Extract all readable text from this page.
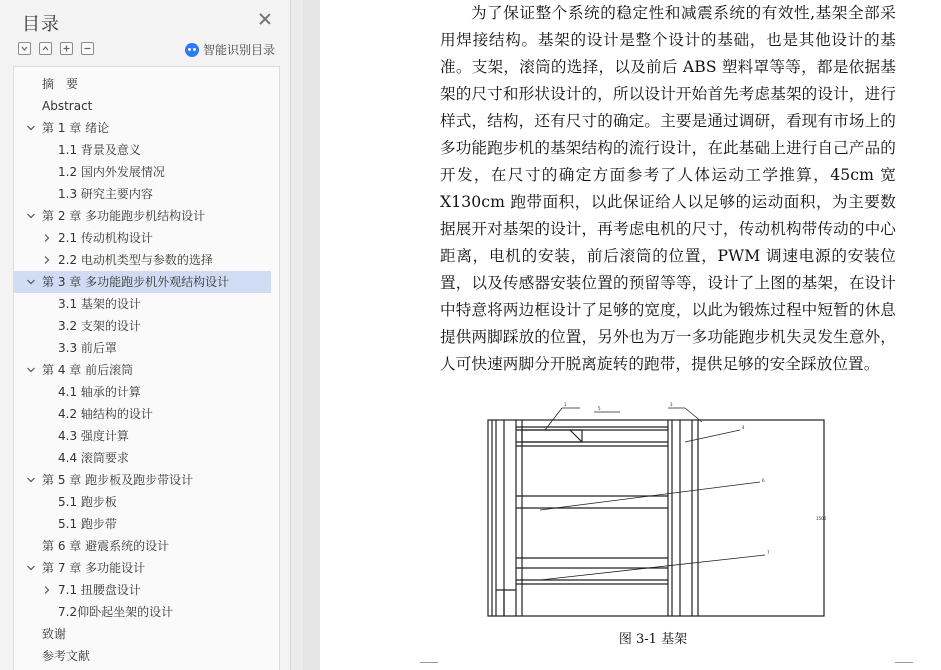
目录
智能识别目录
摘　要
Abstract
第 1 章 绪论
1.1 背景及意义
1.2 国内外发展情况
1.3 研究主要内容
第 2 章 多功能跑步机结构设计
2.1 传动机构设计
2.2 电动机类型与参数的选择
第 3 章 多功能跑步机外观结构设计
3.1 基架的设计
3.2 支架的设计
3.3 前后罩
第 4 章 前后滚筒
4.1 轴承的计算
4.2 轴结构的设计
4.3 强度计算
4.4 滚筒要求
第 5 章 跑步板及跑步带设计
5.1 跑步板
5.1 跑步带
第 6 章 避震系统的设计
第 7 章 多功能设计
7.1 扭腰盘设计
7.2仰卧起坐架的设计
致谢
参考文献

为了保证整个系统的稳定性和减震系统的有效性,基架全部采用焊接结构。基架的设计是整个设计的基础，也是其他设计的基准。支架，滚筒的选择，以及前后 ABS 塑料罩等等，都是依据基架的尺寸和形状设计的，所以设计开始首先考虑基架的设计，进行样式，结构，还有尺寸的确定。主要是通过调研，看现有市场上的多功能跑步机的基架结构的流行设计，在此基础上进行自己产品的开发，在尺寸的确定方面参考了人体运动工学推算，45cm 宽 X130cm 跑带面积，以此保证给人以足够的运动面积，为主要数据展开对基架的设计，再考虑电机的尺寸，传动机构带传动的中心距离，电机的安装，前后滚筒的位置，PWM 调速电源的安装位置，以及传感器安装位置的预留等等，设计了上图的基架，在设计中特意将两边框设计了足够的宽度，以此为锻炼过程中短暂的休息提供两脚踩放的位置，另外也为万一多功能跑步机失灵发生意外，人可快速两脚分开脱离旋转的跑带，提供足够的安全踩放位置。

1
5
3
4
6
7
1500
图 3-1 基架
